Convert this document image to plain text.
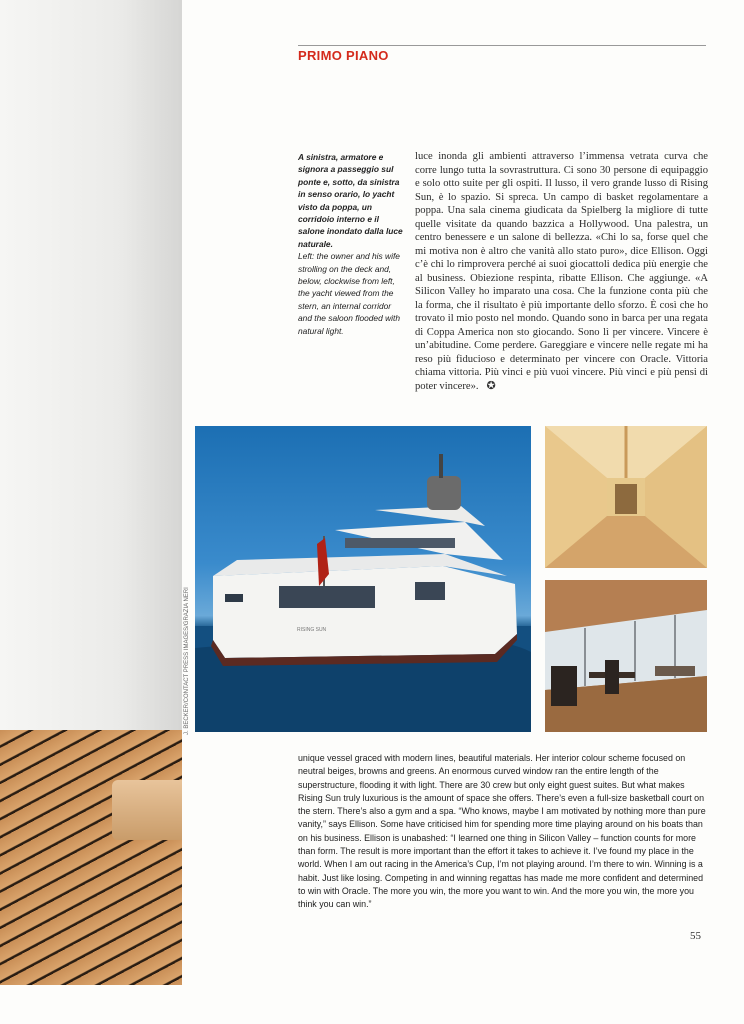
J. BECKER/CONTACT PRESS IMAGES/GRAZIA NERI
PRIMO PIANO
A sinistra, armatore e signora a passeggio sul ponte e, sotto, da sinistra in senso orario, lo yacht visto da poppa, un corridoio interno e il salone inondato dalla luce naturale.
Left: the owner and his wife strolling on the deck and, below, clockwise from left, the yacht viewed from the stern, an internal corridor and the saloon flooded with natural light.

luce inonda gli ambienti attraverso l’immensa vetrata curva che corre lungo tutta la sovrastruttura. Ci sono 30 persone di equipaggio e solo otto suite per gli ospiti. Il lusso, il vero grande lusso di Rising Sun, è lo spazio. Si spreca. Un campo di basket regolamentare a poppa. Una sala cinema giudicata da Spielberg la migliore di tutte quelle visitate da quando bazzica a Hollywood. Una palestra, un centro benessere e un salone di bellezza. «Chi lo sa, forse quel che mi motiva non è altro che vanità allo stato puro», dice Ellison. Oggi c’è chi lo rimprovera perché ai suoi giocattoli dedica più energie che al business. Obiezione respinta, ribatte Ellison. Che aggiunge. «A Silicon Valley ho imparato una cosa. Che la funzione conta più che la forma, che il risultato è più importante dello sforzo. È così che ho trovato il mio posto nel mondo. Quando sono in barca per una regata di Coppa America non sto giocando. Sono lì per vincere. Vincere è un’abitudine. Come perdere. Gareggiare e vincere nelle regate mi ha reso più fiducioso e determinato per vincere con Oracle. Vittoria chiama vittoria. Più vinci e più vuoi vincere. Più vinci e più pensi di poter vincere». ✪

RISING SUN
unique vessel graced with modern lines, beautiful materials. Her interior colour scheme focused on neutral beiges, browns and greens. An enormous curved window ran the entire length of the superstructure, flooding it with light. There are 30 crew but only eight guest suites. But what makes Rising Sun truly luxurious is the amount of space she offers. There’s even a full-size basketball court on the stern. There’s also a gym and a spa. “Who knows, maybe I am motivated by nothing more than pure vanity,” says Ellison. Some have criticised him for spending more time playing around on his boats than on his business. Ellison is unabashed: “I learned one thing in Silicon Valley – function counts for more than form. The result is more important than the effort it takes to achieve it. I’ve found my place in the world. When I am out racing in the America’s Cup, I’m not playing around. I’m there to win. Winning is a habit. Just like losing. Competing in and winning regattas has made me more confident and determined to win with Oracle. The more you win, the more you want to win. And the more you win, the more you think you can win.”
55
